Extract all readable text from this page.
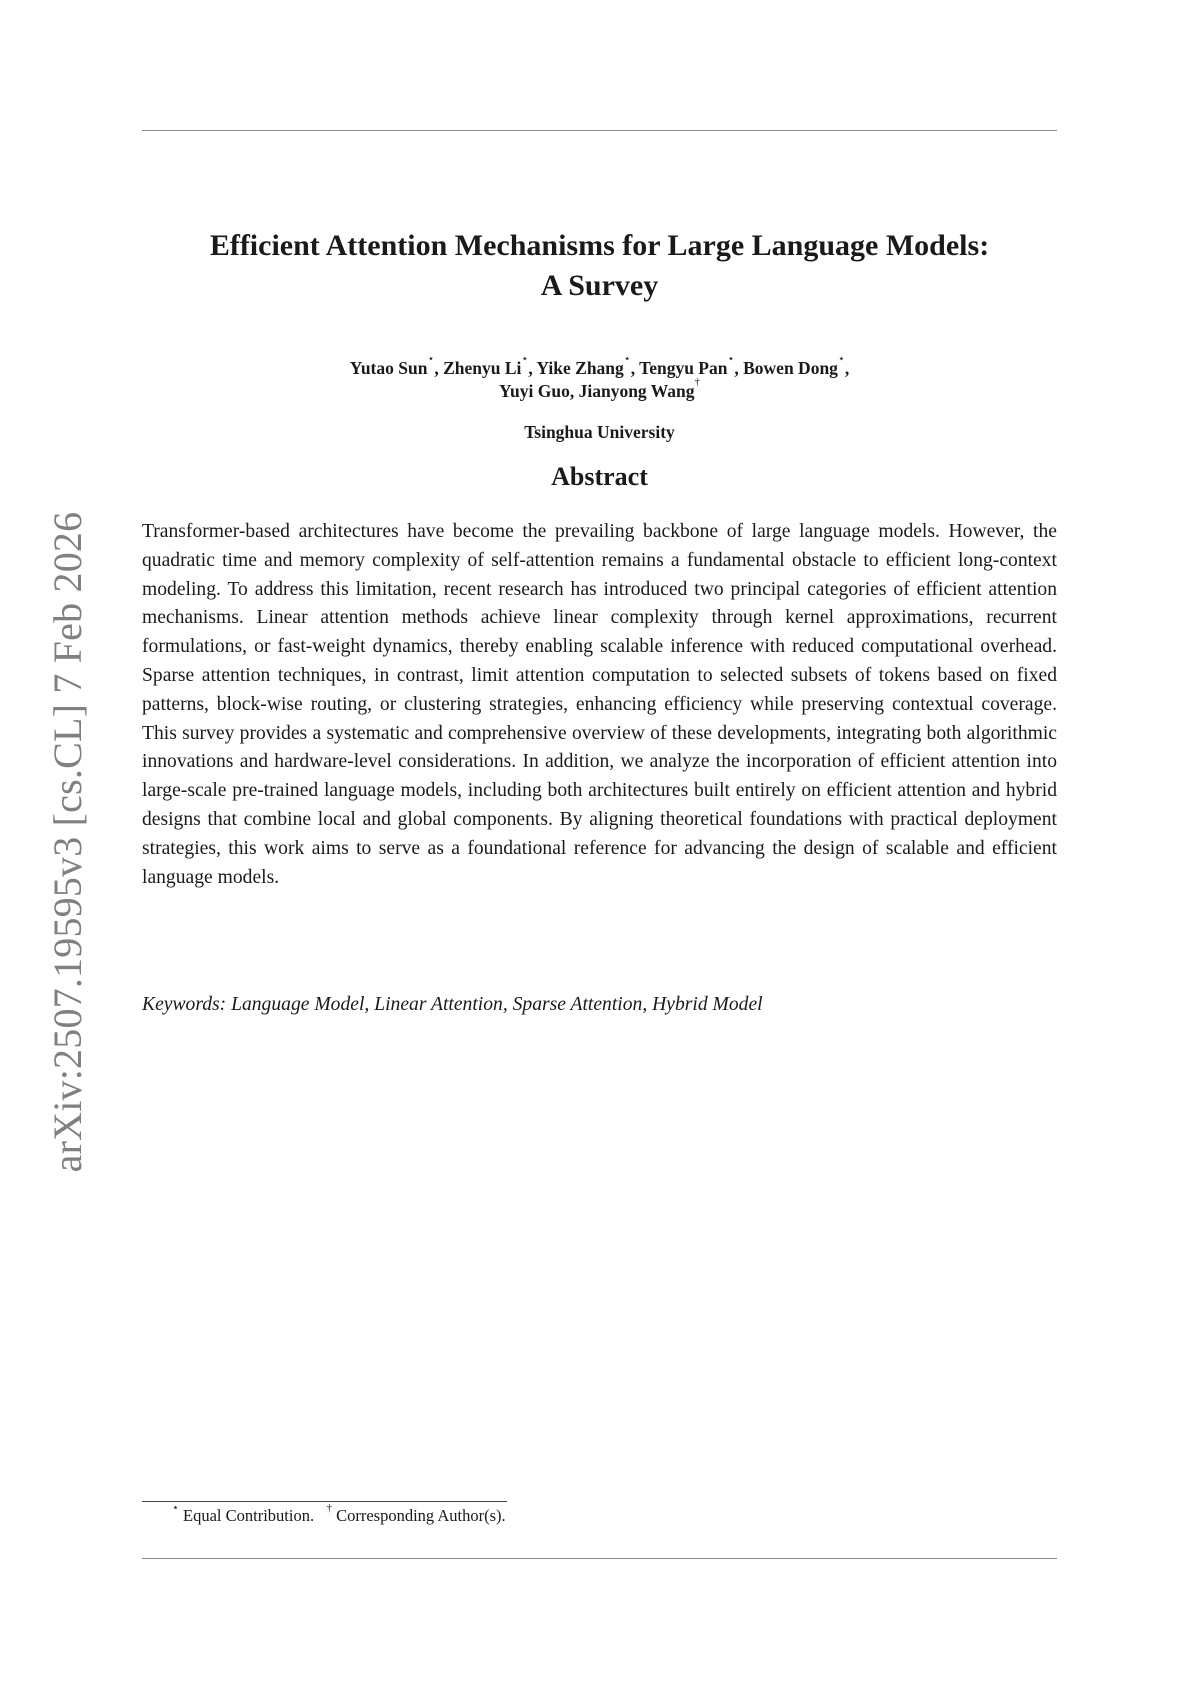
arXiv:2507.19595v3 [cs.CL] 7 Feb 2026
Efficient Attention Mechanisms for Large Language Models:
A Survey
Yutao Sun⋆, Zhenyu Li⋆, Yike Zhang⋆, Tengyu Pan⋆, Bowen Dong⋆,
Yuyi Guo, Jianyong Wang†
Tsinghua University
Abstract
Transformer-based architectures have become the prevailing backbone of large language models. However, the quadratic time and memory complexity of self-attention remains a fundamental obstacle to efficient long-context modeling. To address this limitation, recent research has introduced two principal categories of efficient attention mechanisms. Linear attention methods achieve linear complexity through kernel approximations, recurrent formulations, or fast-weight dynamics, thereby enabling scalable inference with reduced computational overhead. Sparse attention techniques, in contrast, limit attention computation to selected subsets of tokens based on fixed patterns, block-wise routing, or clustering strategies, enhancing efficiency while preserving contextual coverage. This survey provides a systematic and comprehensive overview of these developments, integrating both algorithmic innovations and hardware-level considerations. In addition, we analyze the incorporation of efficient attention into large-scale pre-trained language models, including both architectures built entirely on efficient attention and hybrid designs that combine local and global components. By aligning theoretical foundations with practical deployment strategies, this work aims to serve as a foundational reference for advancing the design of scalable and efficient language models.
Keywords: Language Model, Linear Attention, Sparse Attention, Hybrid Model
⋆ Equal Contribution. † Corresponding Author(s).
